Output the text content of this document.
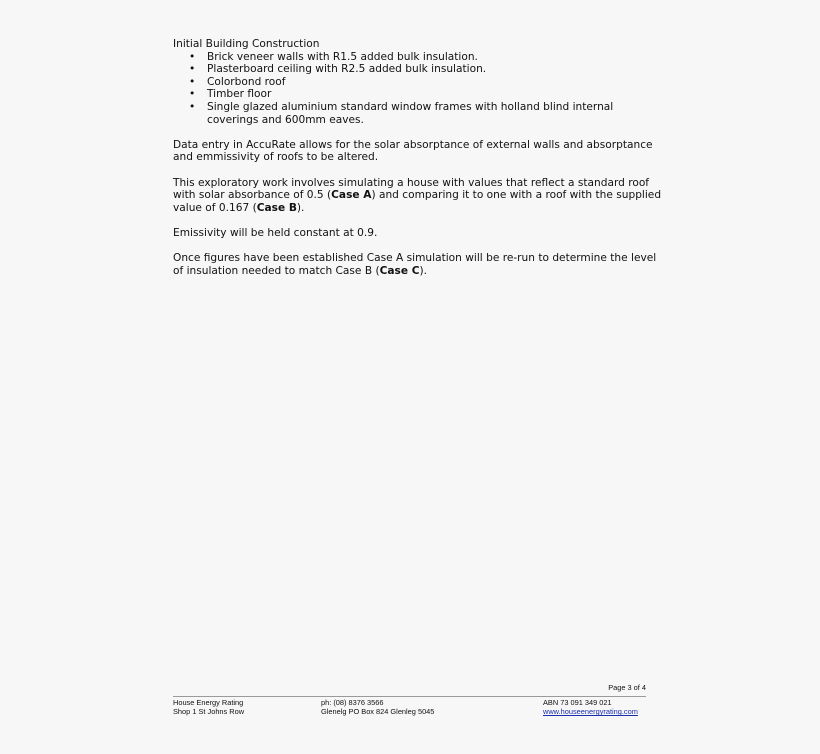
Initial Building Construction
• Brick veneer walls with R1.5 added bulk insulation.
• Plasterboard ceiling with R2.5 added bulk insulation.
• Colorbond roof
• Timber floor
• Single glazed aluminium standard window frames with holland blind internal coverings and 600mm eaves.

Data entry in AccuRate allows for the solar absorptance of external walls and absorptance and emmissivity of roofs to be altered.

This exploratory work involves simulating a house with values that reflect a standard roof with solar absorbance of 0.5 (Case A) and comparing it to one with a roof with the supplied value of 0.167 (Case B).

Emissivity will be held constant at 0.9.

Once figures have been established Case A simulation will be re-run to determine the level of insulation needed to match Case B (Case C).

Page 3 of 4
House Energy Rating
Shop 1 St Johns Row
ph: (08) 8376 3566
Glenelg PO Box 824 Glenleg 5045
ABN 73 091 349 021
www.houseenergyrating.com
